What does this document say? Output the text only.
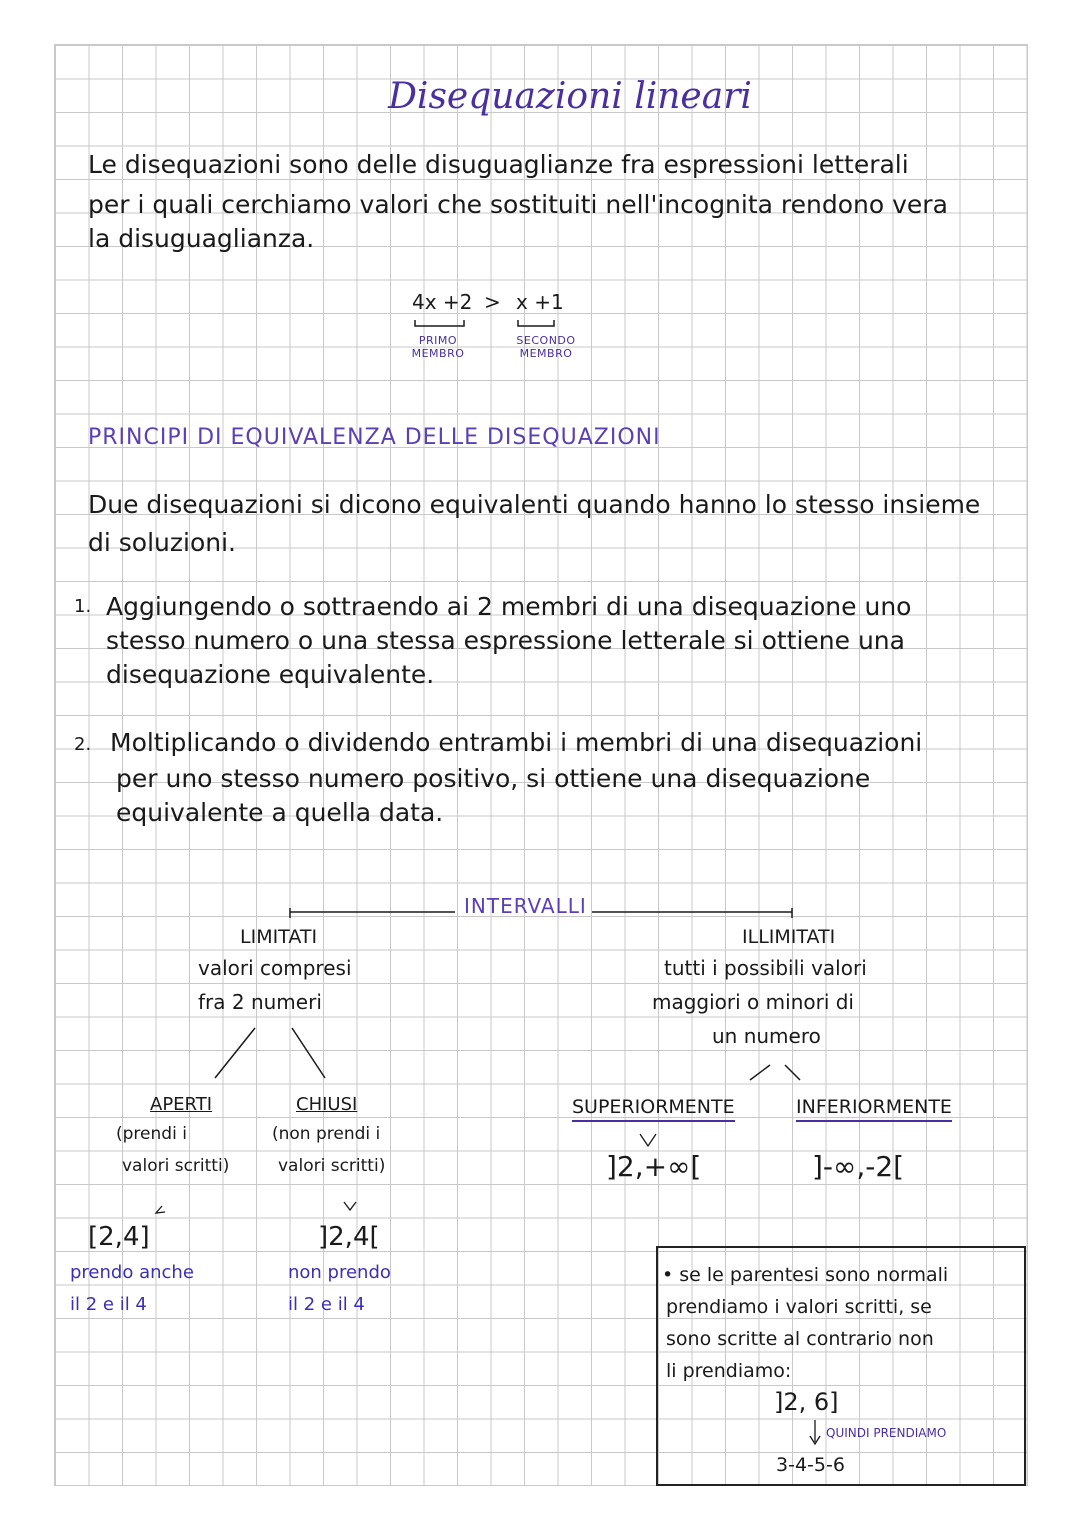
Disequazioni lineari
Le disequazioni sono delle disuguaglianze fra espressioni letterali
per i quali cerchiamo valori che sostituiti nell'incognita rendono vera
la disuguaglianza.
4x +2 > x +1
PRIMO
MEMBRO
SECONDO
MEMBRO
PRINCIPI DI EQUIVALENZA DELLE DISEQUAZIONI
Due disequazioni si dicono equivalenti quando hanno lo stesso insieme
di soluzioni.
1. Aggiungendo o sottraendo ai 2 membri di una disequazione uno
stesso numero o una stessa espressione letterale si ottiene una
disequazione equivalente.
2. Moltiplicando o dividendo entrambi i membri di una disequazioni
per uno stesso numero positivo, si ottiene una disequazione
equivalente a quella data.
INTERVALLI
LIMITATI
valori compresi
fra 2 numeri
ILLIMITATI
tutti i possibili valori
maggiori o minori di
un numero
APERTI
(prendi i
valori scritti)
[2,4]
prendo anche
il 2 e il 4
CHIUSI
(non prendi i
valori scritti)
]2,4[
non prendo
il 2 e il 4
SUPERIORMENTE
]2,+∞[
INFERIORMENTE
]-∞,-2[
• se le parentesi sono normali
prendiamo i valori scritti, se
sono scritte al contrario non
li prendiamo:
]2, 6]
QUINDI PRENDIAMO
3-4-5-6
